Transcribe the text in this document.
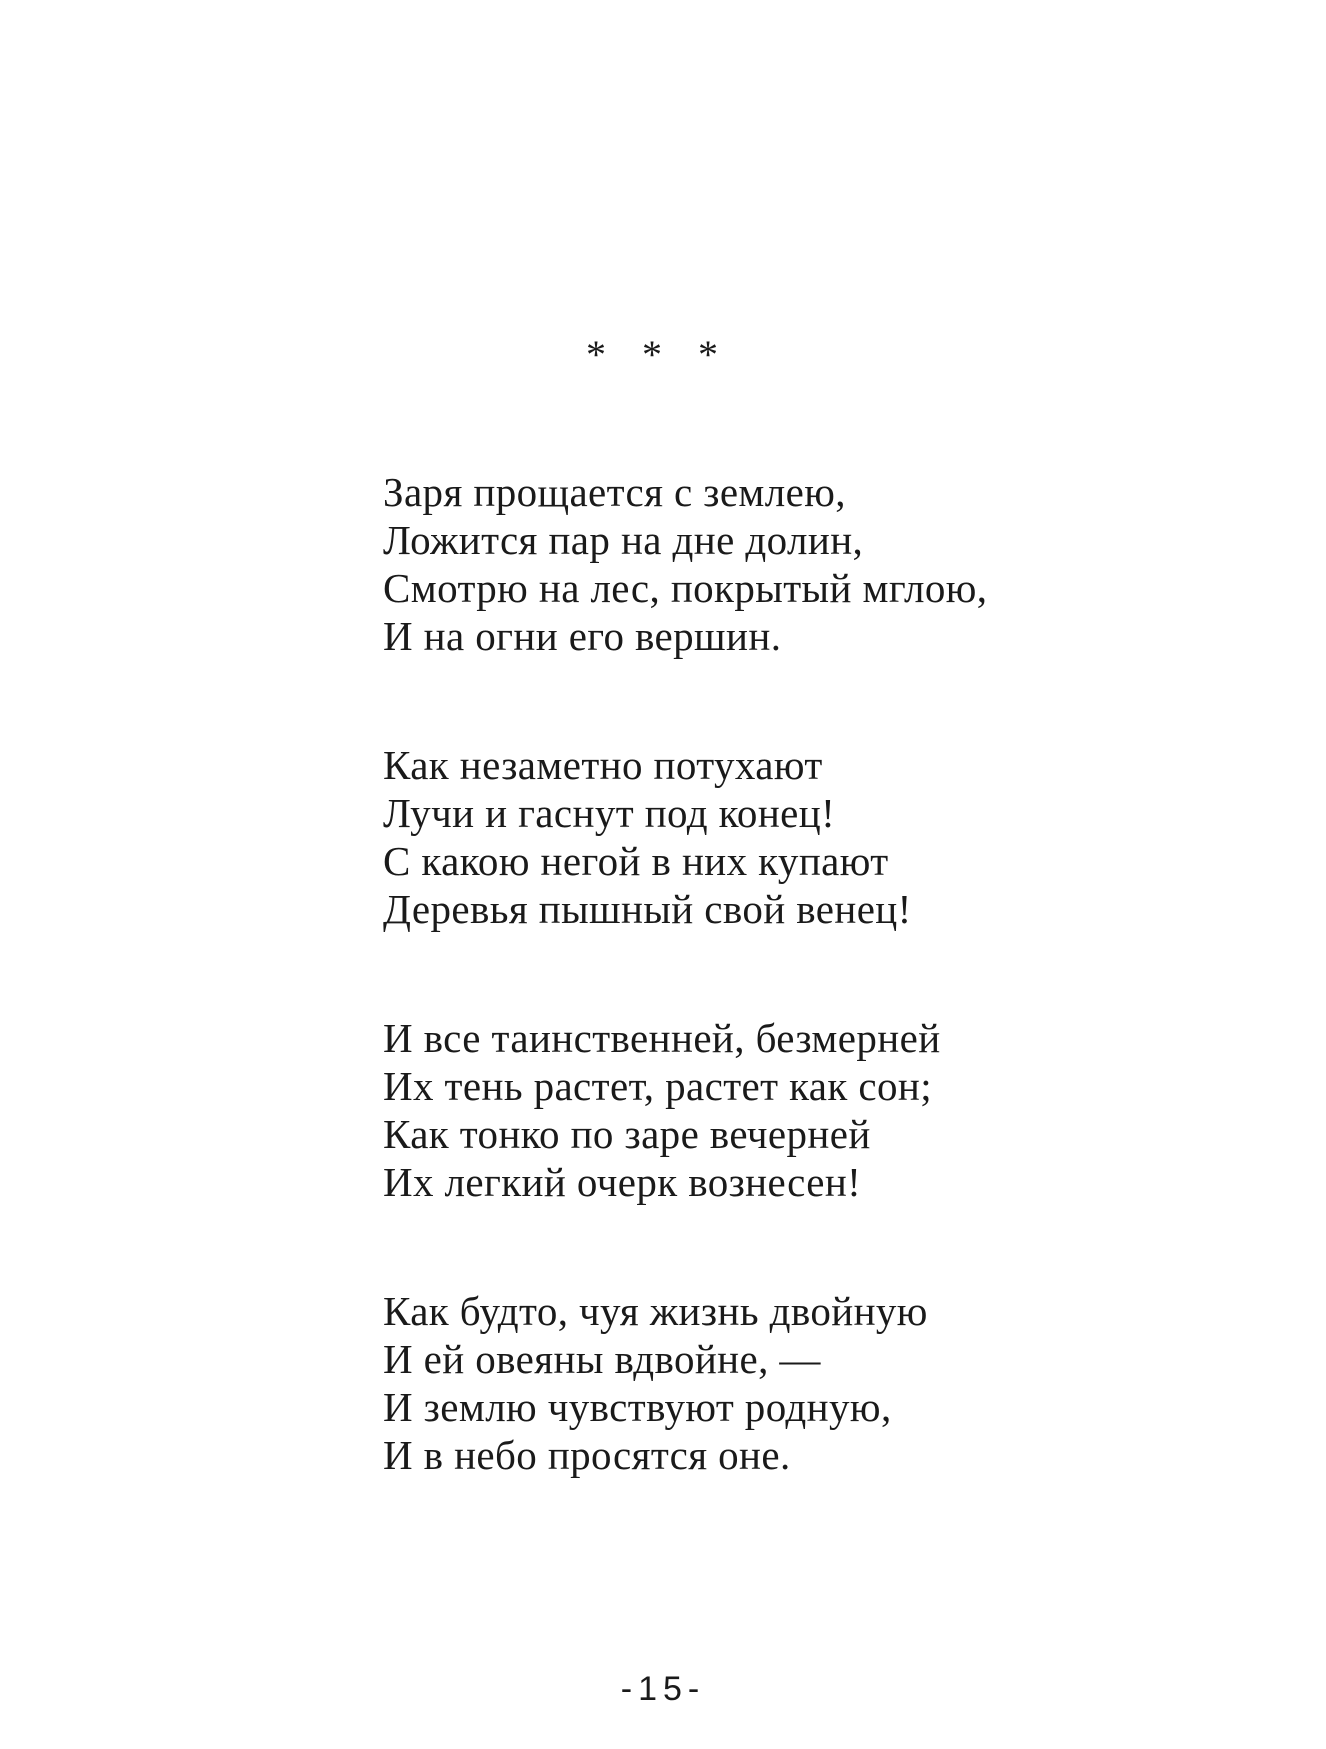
* * *
Заря прощается с землею,
Ложится пар на дне долин,
Смотрю на лес, покрытый мглою,
И на огни его вершин.
Как незаметно потухают
Лучи и гаснут под конец!
С какою негой в них купают
Деревья пышный свой венец!
И все таинственней, безмерней
Их тень растет, растет как сон;
Как тонко по заре вечерней
Их легкий очерк вознесен!
Как будто, чуя жизнь двойную
И ей овеяны вдвойне, —
И землю чувствуют родную,
И в небо просятся оне.
-15-
